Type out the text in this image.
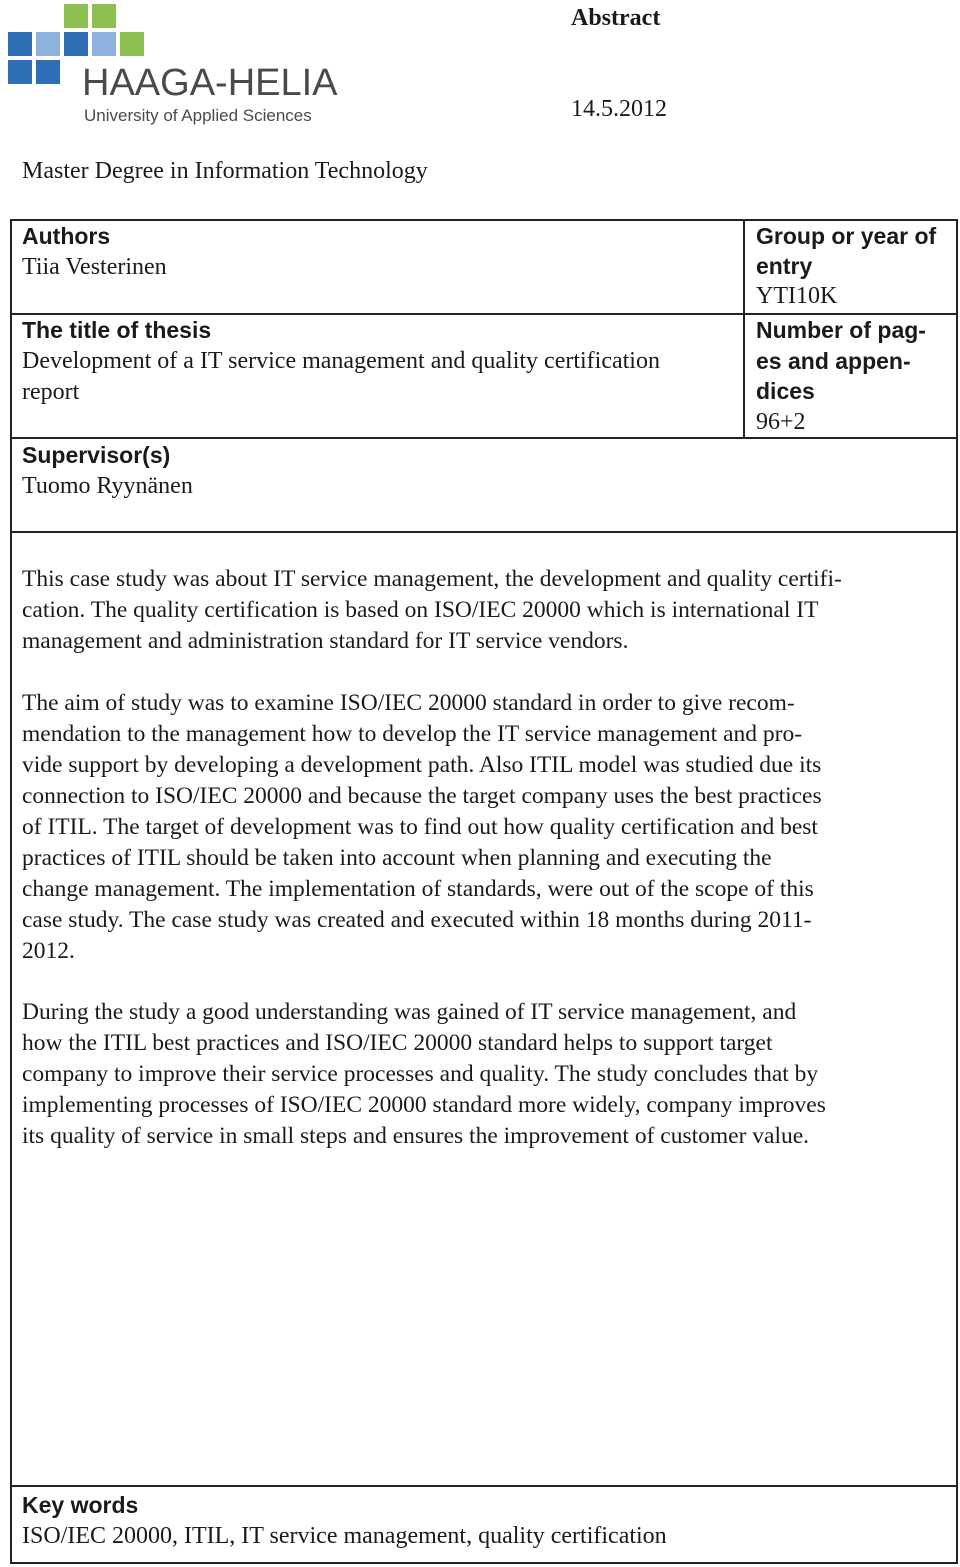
HAAGA-HELIA
University of Applied Sciences
Abstract
14.5.2012
Master Degree in Information Technology
Authors
Tiia Vesterinen
The title of thesis
Development of a IT service management and quality certification
report
Supervisor(s)
Tuomo Ryynänen
Group or year of
entry
YTI10K
Number of pag-
es and appen-
dices
96+2

This case study was about IT service management, the development and quality certifi-
cation. The quality certification is based on ISO/IEC 20000 which is international IT
management and administration standard for IT service vendors.

The aim of study was to examine ISO/IEC 20000 standard in order to give recom-
mendation to the management how to develop the IT service management and pro-
vide support by developing a development path. Also ITIL model was studied due its
connection to ISO/IEC 20000 and because the target company uses the best practices
of ITIL. The target of development was to find out how quality certification and best
practices of ITIL should be taken into account when planning and executing the
change management. The implementation of standards, were out of the scope of this
case study. The case study was created and executed within 18 months during 2011-
2012.

During the study a good understanding was gained of IT service management, and
how the ITIL best practices and ISO/IEC 20000 standard helps to support target
company to improve their service processes and quality. The study concludes that by
implementing processes of ISO/IEC 20000 standard more widely, company improves
its quality of service in small steps and ensures the improvement of customer value.

Key words
ISO/IEC 20000, ITIL, IT service management, quality certification
